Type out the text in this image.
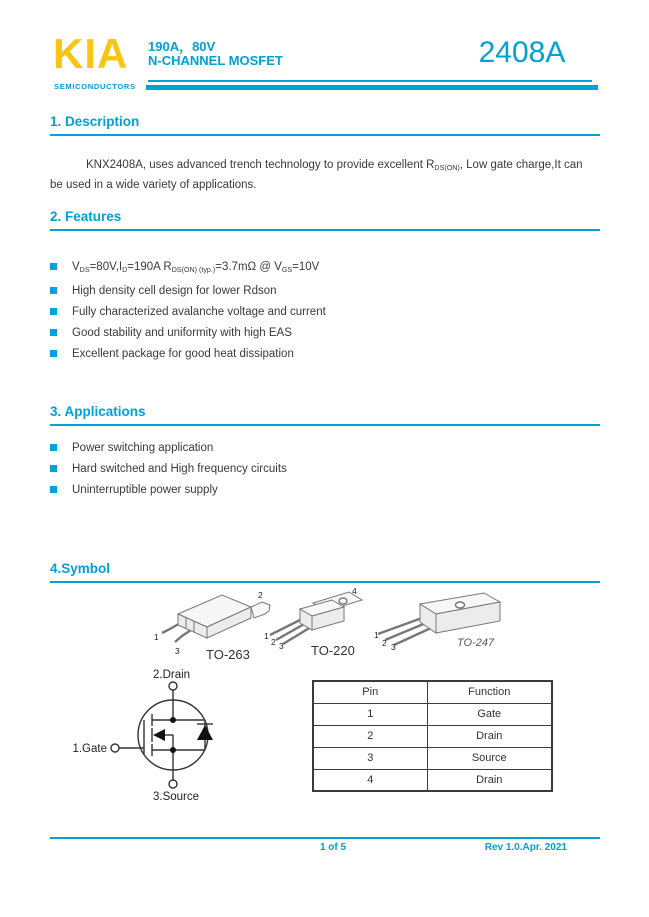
KIA
SEMICONDUCTORS
190A，80V
N-CHANNEL MOSFET	2408A
1. Description
KNX2408A, uses advanced trench technology to provide excellent $R_{DS(ON)}$, Low gate charge,It can
be used in a wide variety of applications.
2. Features
$V_{DS}=80V,I_D=190A$ $R_{DS(ON) (typ.)}=3.7m\Omega$ @ $V_{GS}=10V$
High density cell design for lower Rdson
Fully characterized avalanche voltage and current
Good stability and uniformity with high EAS
Excellent package for good heat dissipation
3. Applications
Power switching application
Hard switched and High frequency circuits
Uninterruptible power supply
4.Symbol
1
3
2
TO-263
1
2 3
4
TO-220
1
2 3	TO-247
2.Drain
1.Gate
3.Source
Pin	Function
1	Gate
2	Drain
3	Source
4	Drain
1 of 5	Rev 1.0.Apr. 2021
